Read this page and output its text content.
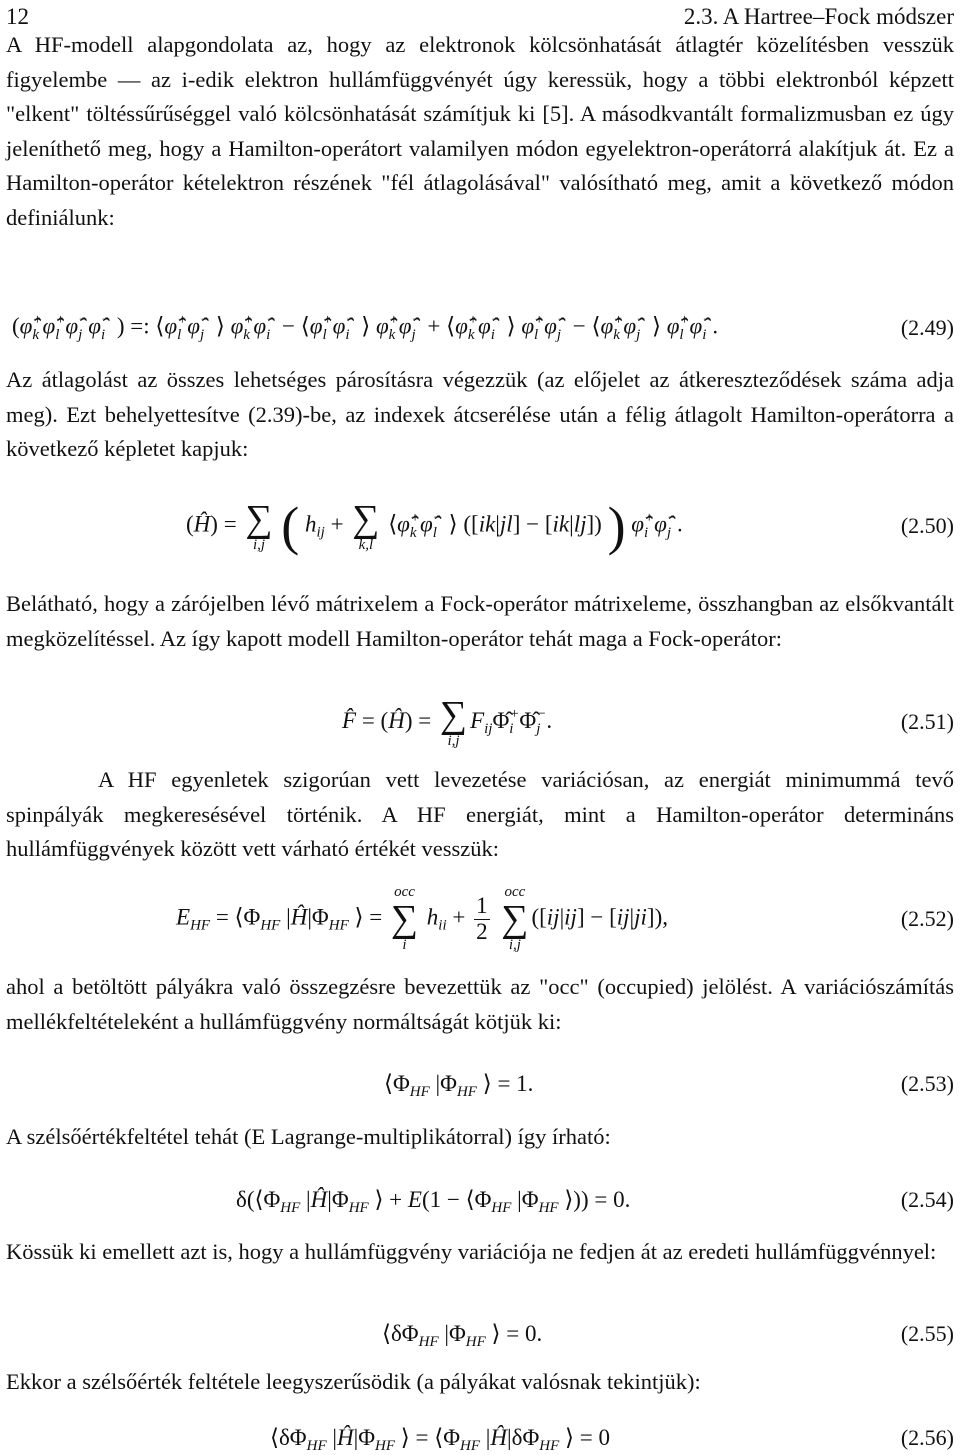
12	2.3. A Hartree–Fock módszer

A HF-modell alapgondolata az, hogy az elektronok kölcsönhatását átlagtér közelítésben vesszük figyelembe — az i-edik elektron hullámfüggvényét úgy keressük, hogy a többi elektronból képzett "elkent" töltéssűrűséggel való kölcsönhatását számítjuk ki [5]. A másodkvantált formalizmusban ez úgy jeleníthető meg, hogy a Hamilton-operátort valamilyen módon egyelektron-operátorrá alakítjuk át. Ez a Hamilton-operátor kételektron részének "fél átlagolásával" valósítható meg, amit a következő módon definiálunk:

(φ̂ +
k φ̂ +
l φ̂ −
j φ̂ −
i ) =: ⟨φ̂ +
l φ̂ −
j ⟩ φ̂ +
k φ̂ −
i − ⟨φ̂ +
l φ̂ −
i ⟩ φ̂ +
k φ̂ −
j + ⟨φ̂ +
k φ̂ −
i ⟩ φ̂ +
l φ̂ −
j − ⟨φ̂ +
k φ̂ −
j ⟩ φ̂ +
l φ̂ −
i .	(2.49)

Az átlagolást az összes lehetséges párosításra végezzük (az előjelet az átkereszteződések száma adja meg). Ezt behelyettesítve (2.39)-be, az indexek átcserélése után a félig átlagolt Hamilton-operátorra a következő képletet kapjuk:

(Ĥ) = ∑
i,j ( $h_{ij}$ + ∑
k,l
⟨φ̂ +
k φ̂ −
l ⟩ ([ik|jl] − [ik|lj]) ) φ̂ +
i φ̂ −
j .	(2.50)

Belátható, hogy a zárójelben lévő mátrixelem a Fock-operátor mátrixeleme, összhangban az elsőkvantált megközelítéssel. Az így kapott modell Hamilton-operátor tehát maga a Fock-operátor:

F̂ = (Ĥ) = ∑
i,j
$F_{ij}\Phî$ +
i Φ̂ −
j .	(2.51)

A HF egyenletek szigorúan vett levezetése variációsan, az energiát minimummá tevő spinpályák megkeresésével történik. A HF energiát, mint a Hamilton-operátor determináns hullámfüggvények között vett várható értékét vesszük:

$E_{HF}$ = $⟨\Phi_{HF}$ $|Ĥ|\Phi_{HF}$ ⟩ =
occ
∑
i
$h_{ii} + \frac{1}{2}$

occ
∑
i,j
([ij|ij] − [ij|ji]),	(2.52)

ahol a betöltött pályákra való összegzésre bevezettük az "occ" (occupied) jelölést. A variációszámítás mellékfeltételeként a hullámfüggvény normáltságát kötjük ki:

$⟨\Phi_{HF}$ $|\Phi_{HF}$ ⟩ = 1.	(2.53)

A szélsőértékfeltétel tehát (E Lagrange-multiplikátorral) így írható:

$\delta(⟨\Phi_{HF}$ $|Ĥ|\Phi_{HF}$ ⟩ + $E(1 - ⟨\Phi_{HF}$ $|\Phi_{HF}$ ⟩)) = 0.	(2.54)

Kössük ki emellett azt is, hogy a hullámfüggvény variációja ne fedjen át az eredeti hullámfüggvénnyel:

$⟨\delta\Phi_{HF}$ $|\Phi_{HF}$ ⟩ = 0.	(2.55)

Ekkor a szélsőérték feltétele leegyszerűsödik (a pályákat valósnak tekintjük):

$⟨\delta\Phi_{HF}$ $|Ĥ|\Phi_{HF}$ ⟩ = $⟨\Phi_{HF}$ $|Ĥ|\delta\Phi_{HF}$ ⟩ = 0	(2.56)
